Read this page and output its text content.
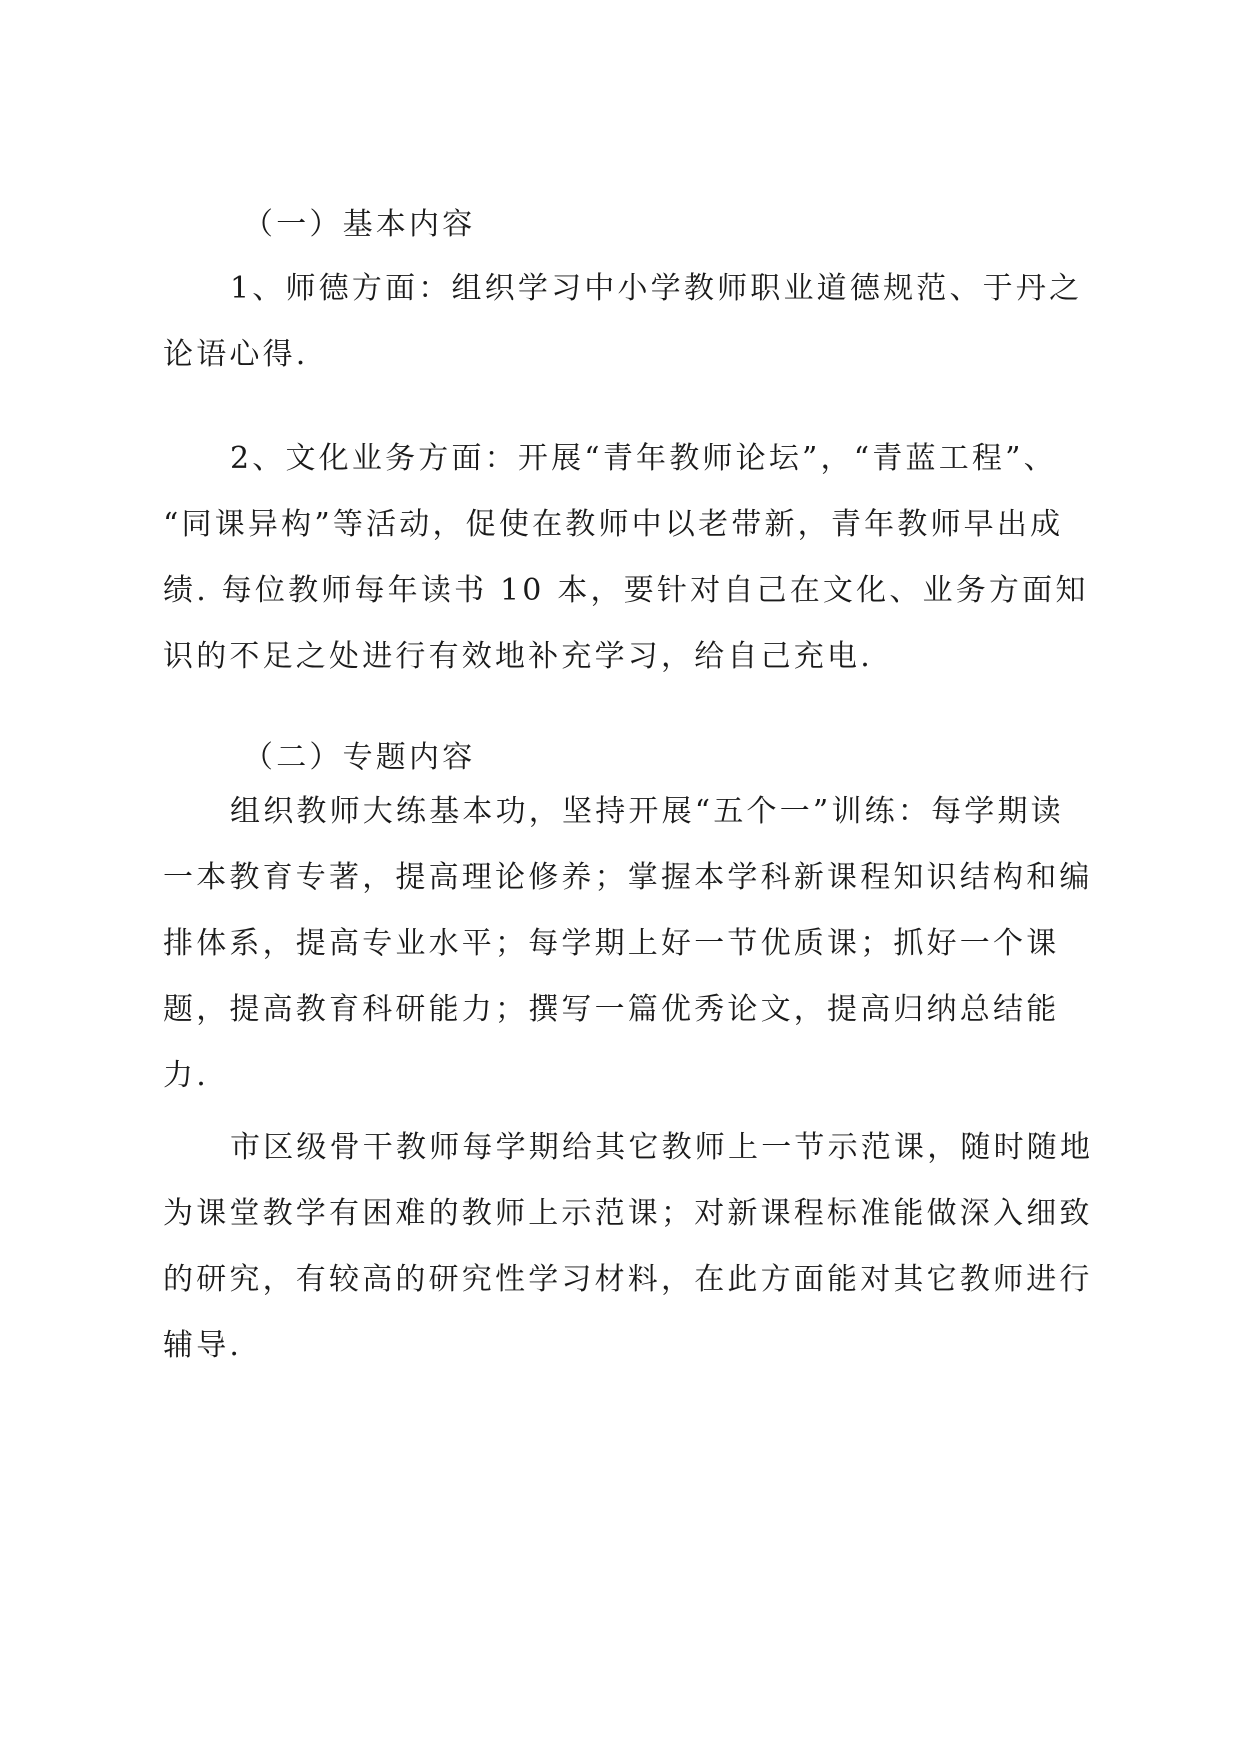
（一）基本内容
1、师德方面：组织学习中小学教师职业道德规范、于丹之
论语心得.
2、文化业务方面：开展“青年教师论坛”，“青蓝工程”、
“同课异构”等活动，促使在教师中以老带新，青年教师早出成
绩. 每位教师每年读书 10 本，要针对自己在文化、业务方面知
识的不足之处进行有效地补充学习，给自己充电.
（二）专题内容
组织教师大练基本功，坚持开展“五个一”训练：每学期读
一本教育专著，提高理论修养；掌握本学科新课程知识结构和编
排体系，提高专业水平；每学期上好一节优质课；抓好一个课
题，提高教育科研能力；撰写一篇优秀论文，提高归纳总结能
力.
市区级骨干教师每学期给其它教师上一节示范课，随时随地
为课堂教学有困难的教师上示范课；对新课程标准能做深入细致
的研究，有较高的研究性学习材料，在此方面能对其它教师进行
辅导.
